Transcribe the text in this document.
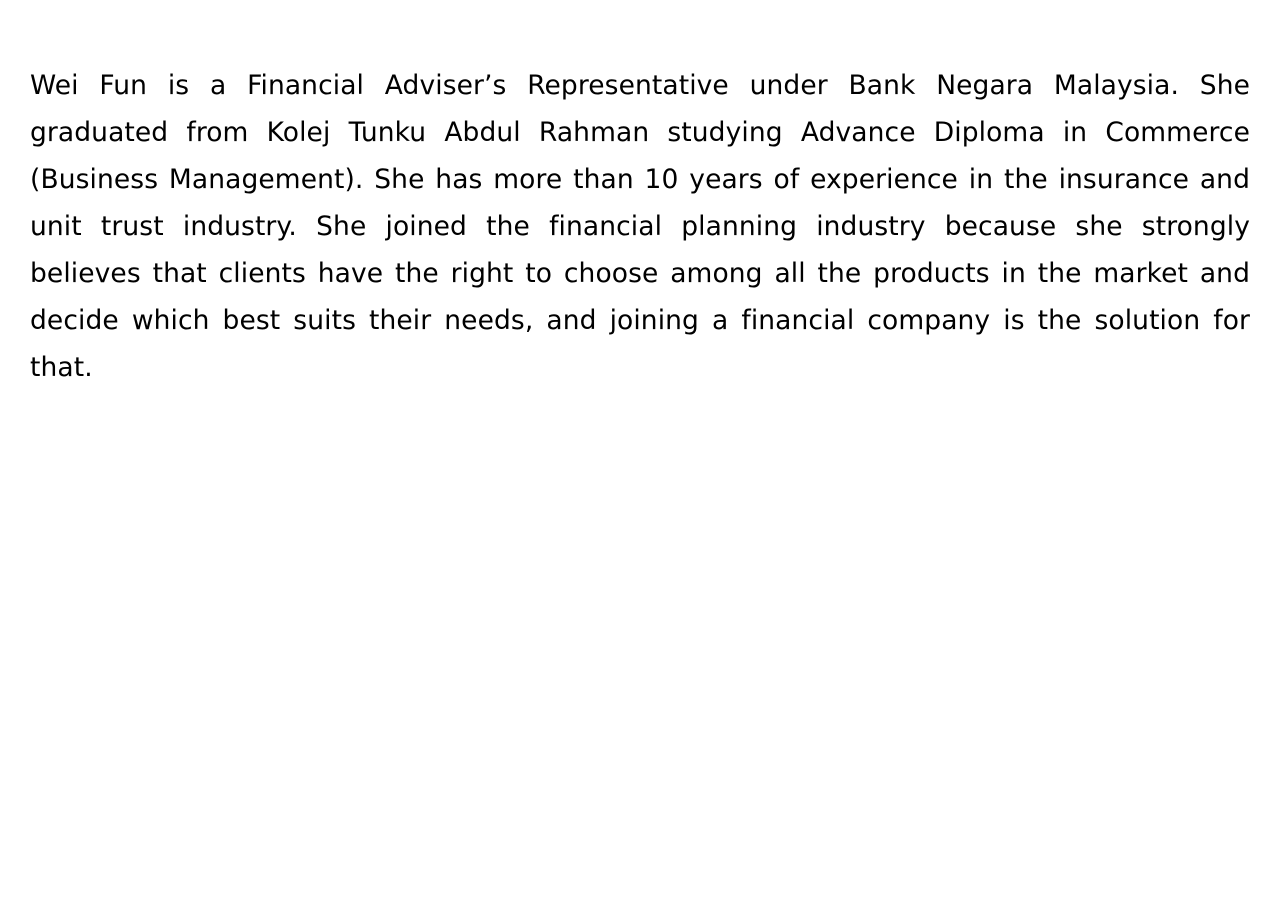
Wei Fun is a Financial Adviser’s Representative under Bank Negara Malaysia. She graduated from Kolej Tunku Abdul Rahman studying Advance Diploma in Commerce (Business Management). She has more than 10 years of experience in the insurance and unit trust industry. She joined the financial planning industry because she strongly believes that clients have the right to choose among all the products in the market and decide which best suits their needs, and joining a financial company is the solution for that.
